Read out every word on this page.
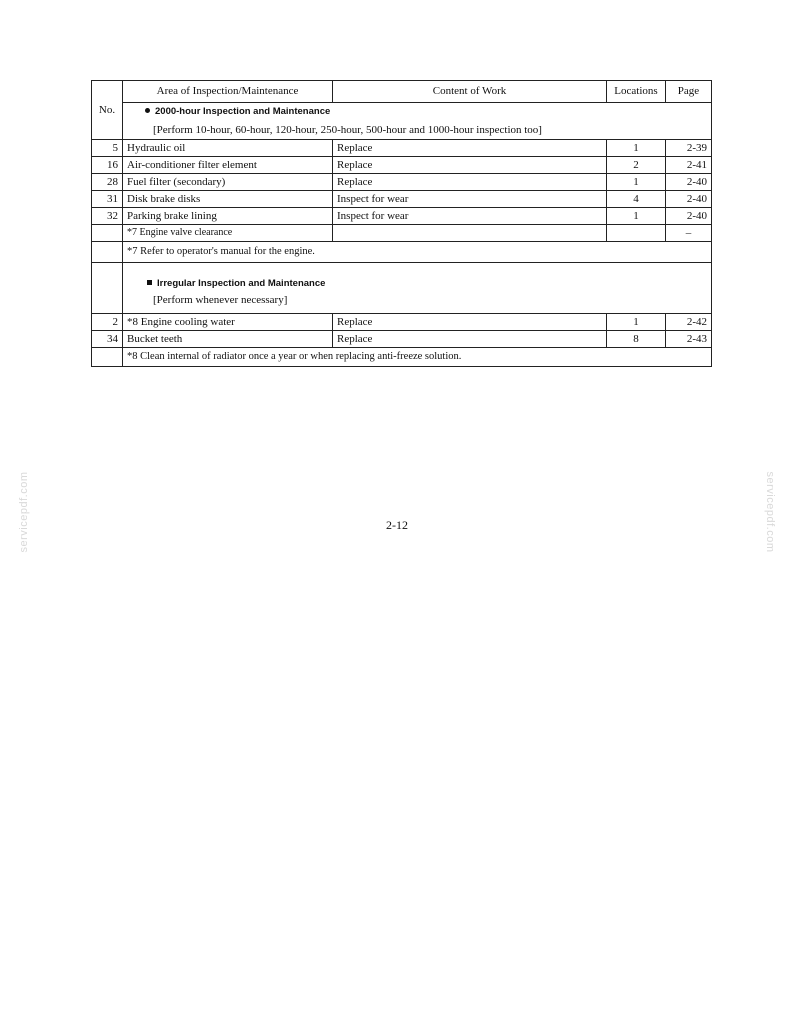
No.	Area of Inspection/Maintenance	Content of Work	Locations	Page

	2000-hour Inspection and Maintenance
[Perform 10-hour, 60-hour, 120-hour, 250-hour, 500-hour and 1000-hour inspection too]			

5	Hydraulic oil	Replace	1	2-39
16	Air-conditioner filter element	Replace	2	2-41
28	Fuel filter (secondary)	Replace	1	2-40
31	Disk brake disks	Inspect for wear	4	2-40
32	Parking brake lining	Inspect for wear	1	2-40
	*7 Engine valve clearance			–
	*7 Refer to operator's manual for the engine.			

	Irregular Inspection and Maintenance
[Perform whenever necessary]			

2	*8 Engine cooling water	Replace	1	2-42
34	Bucket teeth	Replace	8	2-43
	*8 Clean internal of radiator once a year or when replacing anti-freeze solution.			
2-12
servicepdf.com	servicepdf.com
